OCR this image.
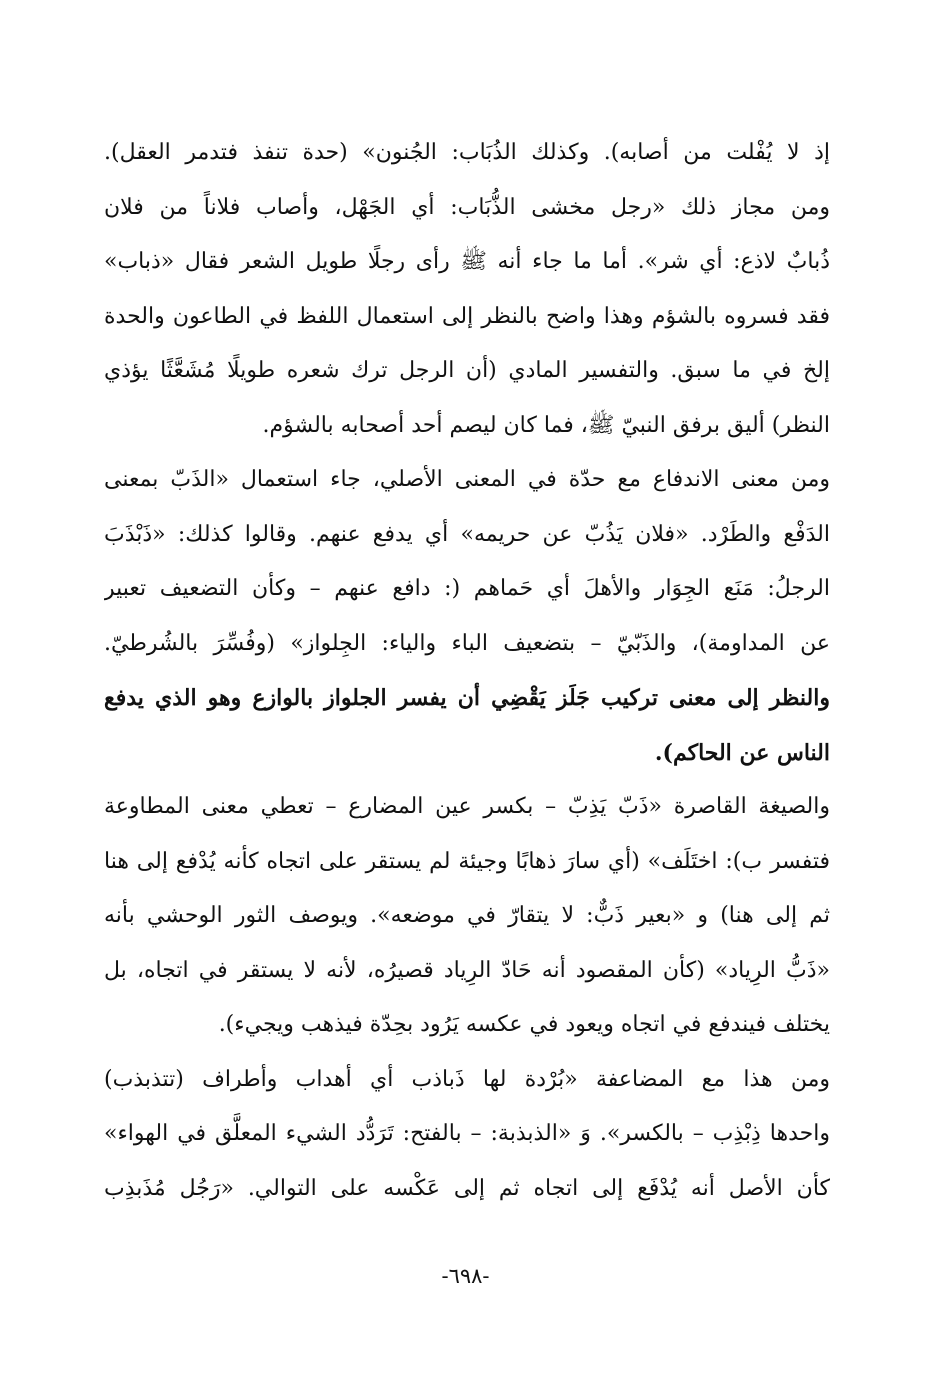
إذ لا يُفْلت من أصابه). وكذلك الذُبَاب: الجُنون» (حدة تنفذ فتدمر العقل).
ومن مجاز ذلك «رجل مخشى الذُّبَاب: أي الجَهْل، وأصاب فلاناً من فلان
ذُبابٌ لاذع: أي شر». أما ما جاء أنه ﷺ رأى رجلًا طويل الشعر فقال «ذباب»
فقد فسروه بالشؤم وهذا واضح بالنظر إلى استعمال اللفظ في الطاعون والحدة
إلخ في ما سبق. والتفسير المادي (أن الرجل ترك شعره طويلًا مُشَعَّثًا يؤذي
النظر) أليق برفق النبيّ ﷺ، فما كان ليصم أحد أصحابه بالشؤم.
ومن معنى الاندفاع مع حدّة في المعنى الأصلي، جاء استعمال «الذَبّ بمعنى
الدَفْع والطَرْد. «فلان يَذُبّ عن حريمه» أي يدفع عنهم. وقالوا كذلك: «ذَبْذَبَ
الرجلُ: مَنَع الجِوَار والأهلَ أي حَماهم (: دافع عنهم – وكأن التضعيف تعبير
عن المداومة)، والذَبّيّ – بتضعيف الباء والياء: الجِلواز» (وفُسِّرَ بالشُرطيّ.
والنظر إلى معنى تركيب جَلَز يَقْضِي أن يفسر الجلواز بالوازع وهو الذي يدفع
الناس عن الحاكم).
والصيغة القاصرة «ذَبّ يَذِبّ – بكسر عين المضارع – تعطي معنى المطاوعة
فتفسر ب): اختَلَف» (أي سارَ ذهابًا وجيئة لم يستقر على اتجاه كأنه يُدْفع إلى هنا
ثم إلى هنا) و «بعير ذَبٌّ: لا يتقارّ في موضعه». ويوصف الثور الوحشي بأنه
«ذَبُّ الرِياد» (كأن المقصود أنه حَادّ الرِياد قصيرُه، لأنه لا يستقر في اتجاه، بل
يختلف فيندفع في اتجاه ويعود في عكسه يَرُود بحِدّة فيذهب ويجيء).
ومن هذا مع المضاعفة «بُرْدة لها ذَباذب أي أهداب وأطراف (تتذبذب)
واحدها ذِبْذِب – بالكسر». وَ «الذبذبة: – بالفتح: تَرَدُّد الشيء المعلَّق في الهواء»
كأن الأصل أنه يُدْفَع إلى اتجاه ثم إلى عَكْسه على التوالي. «رَجُل مُذَبذِب
-٦٩٨-
